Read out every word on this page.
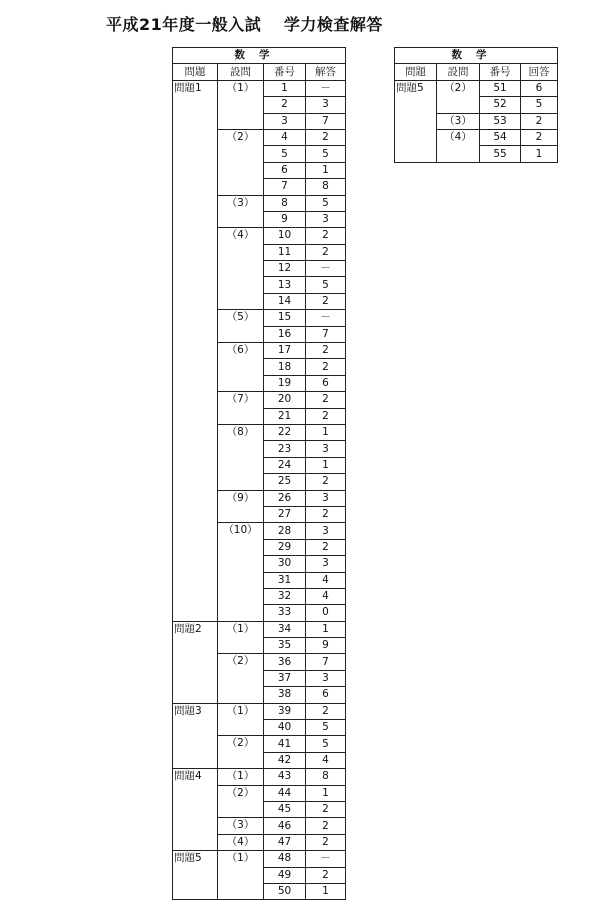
平成21年度一般入試　 学力検査解答
数学			
問題	設問	番号	解答
問題1	（1）	1	－
		2	3
		3	7
	（2）	4	2
		5	5
		6	1
		7	8
	（3）	8	5
		9	3
	（4）	10	2
		11	2
		12	－
		13	5
		14	2
	（5）	15	－
		16	7
	（6）	17	2
		18	2
		19	6
	（7）	20	2
		21	2
	（8）	22	1
		23	3
		24	1
		25	2
	（9）	26	3
		27	2
	（10）	28	3
		29	2
		30	3
		31	4
		32	4
		33	0
問題2	（1）	34	1
		35	9
	（2）	36	7
		37	3
		38	6
問題3	（1）	39	2
		40	5
	（2）	41	5
		42	4
問題4	（1）	43	8
	（2）	44	1
		45	2
	（3）	46	2
	（4）	47	2
問題5	（1）	48	－
		49	2
		50	1
数学			
問題	設問	番号	回答
問題5	（2）	51	6
		52	5
	（3）	53	2
	（4）	54	2
		55	1
